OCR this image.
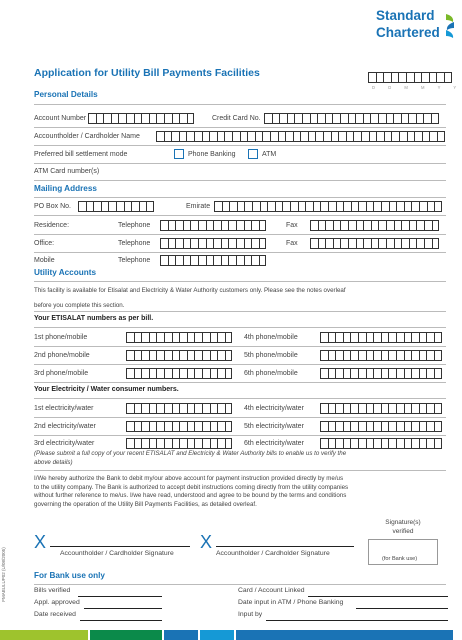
Standard
Chartered
Application for Utility Bill Payments Facilities
D D M M Y Y
Personal Details
Account Number	Credit Card No.
Accountholder / Cardholder Name
Preferred bill settlement mode	Phone Banking	ATM
ATM Card number(s)
Mailing Address
PO Box No.	Emirate
Residence:	Telephone	Fax
Office:	Telephone	Fax
Mobile	Telephone
Utility Accounts
This facility is available for Etisalat and Electricity & Water Authority customers only. Please see the notes overleaf
before you complete this section.
Your ETISALAT numbers as per bill.
1st phone/mobile	4th phone/mobile
2nd phone/mobile	5th phone/mobile
3rd phone/mobile	6th phone/mobile
Your Electricity / Water consumer numbers.
1st electricity/water	4th electricity/water
2nd electricity/water	5th electricity/water
3rd electricity/water	6th electricity/water
(Please submit a full copy of your recent ETISALAT and Electricity & Water Authority bills to enable us to verify the
above details)
I/We hereby authorize the Bank to debit my/our above account for payment instruction provided directly by me/us
to the utility company. The Bank is authorized to accept debit instructions coming directly from the utility companies
without further reference to me/us. I/we have read, understood and agree to be bound by the terms and conditions
governing the operation of the Utility Bill Payments Facilities, as detailed overleaf.
X
Accountholder / Cardholder Signature
X
Accountholder / Cardholder Signature
Signature(s)
verified
(for Bank use)
FMABULUP02 (U/08/2005)	For Bank use only
Bills verified	Card / Account Linked
Appl. approved	Date input in ATM / Phone Banking
Date received	Input by
